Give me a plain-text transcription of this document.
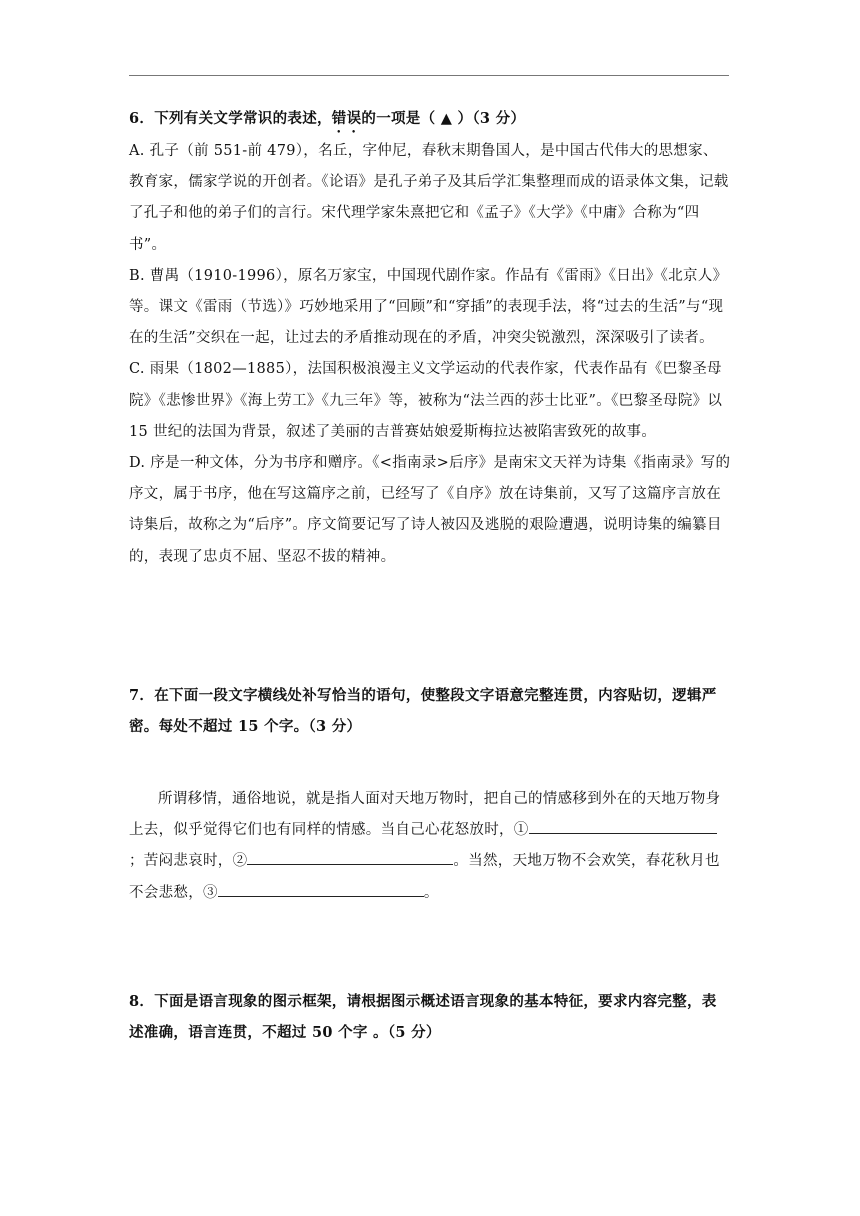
6．下列有关文学常识的表述，错误的一项是（ ▲ ）（3 分）

A. 孔子（前 551-前 479），名丘，字仲尼，春秋末期鲁国人，是中国古代伟大的思想家、教育家，儒家学说的开创者。《论语》是孔子弟子及其后学汇集整理而成的语录体文集，记载了孔子和他的弟子们的言行。宋代理学家朱熹把它和《孟子》《大学》《中庸》合称为“四书”。

B. 曹禺（1910-1996），原名万家宝，中国现代剧作家。作品有《雷雨》《日出》《北京人》等。课文《雷雨（节选）》巧妙地采用了“回顾”和“穿插”的表现手法，将“过去的生活”与“现在的生活”交织在一起，让过去的矛盾推动现在的矛盾，冲突尖锐激烈，深深吸引了读者。

C. 雨果（1802—1885），法国积极浪漫主义文学运动的代表作家，代表作品有《巴黎圣母院》《悲惨世界》《海上劳工》《九三年》等，被称为“法兰西的莎士比亚”。《巴黎圣母院》以 15 世纪的法国为背景，叙述了美丽的吉普赛姑娘爱斯梅拉达被陷害致死的故事。

D. 序是一种文体，分为书序和赠序。《<指南录>后序》是南宋文天祥为诗集《指南录》写的序文，属于书序，他在写这篇序之前，已经写了《自序》放在诗集前，又写了这篇序言放在诗集后，故称之为“后序”。序文简要记写了诗人被囚及逃脱的艰险遭遇，说明诗集的编纂目的，表现了忠贞不屈、坚忍不拔的精神。

7．在下面一段文字横线处补写恰当的语句，使整段文字语意完整连贯，内容贴切，逻辑严密。每处不超过 15 个字。（3 分）

所谓移情，通俗地说，就是指人面对天地万物时，把自己的情感移到外在的天地万物身上去，似乎觉得它们也有同样的情感。当自己心花怒放时，①；苦闷悲哀时，②	。当然，天地万物不会欢笑，春花秋月也不会悲愁，③	。

8．下面是语言现象的图示框架，请根据图示概述语言现象的基本特征，要求内容完整，表述准确，语言连贯，不超过 50 个字 。（5 分）
